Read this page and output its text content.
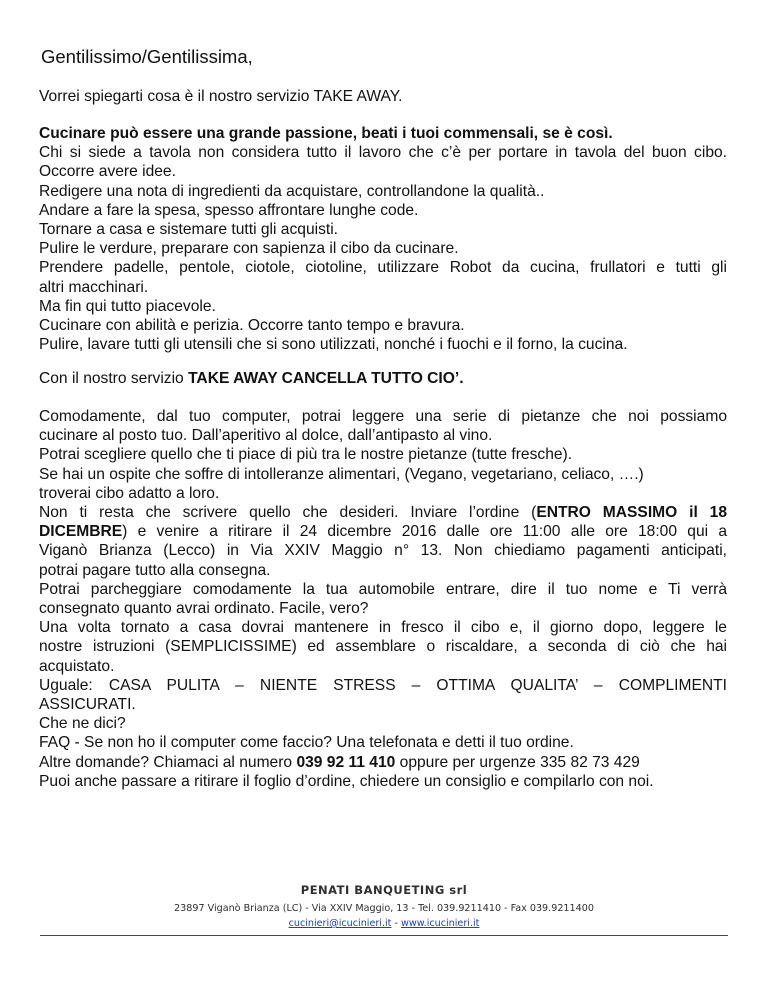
Gentilissimo/Gentilissima,
Vorrei spiegarti cosa è il nostro servizio TAKE AWAY.

Cucinare può essere una grande passione, beati i tuoi commensali, se è così.

Chi si siede a tavola non considera tutto il lavoro che c’è per portare in tavola del buon cibo.

Occorre avere idee.

Redigere una nota di ingredienti da acquistare, controllandone la qualità..

Andare a fare la spesa, spesso affrontare lunghe code.

Tornare a casa e sistemare tutti gli acquisti.

Pulire le verdure, preparare con sapienza il cibo da cucinare.

Prendere padelle, pentole, ciotole, ciotoline, utilizzare Robot da cucina, frullatori e tutti gli

altri macchinari.

Ma fin qui tutto piacevole.

Cucinare con abilità e perizia. Occorre tanto tempo e bravura.

Pulire, lavare tutti gli utensili che si sono utilizzati, nonché i fuochi e il forno, la cucina.

Con il nostro servizio TAKE AWAY CANCELLA TUTTO CIO’.

Comodamente, dal tuo computer, potrai leggere una serie di pietanze che noi possiamo

cucinare al posto tuo. Dall’aperitivo al dolce, dall’antipasto al vino.

Potrai scegliere quello che ti piace di più tra le nostre pietanze (tutte fresche).

Se hai un ospite che soffre di intolleranze alimentari, (Vegano, vegetariano, celiaco, ….)

troverai cibo adatto a loro.

Non ti resta che scrivere quello che desideri. Inviare l’ordine (ENTRO MASSIMO il 18

DICEMBRE) e venire a ritirare il 24 dicembre 2016 dalle ore 11:00 alle ore 18:00 qui a

Viganò Brianza (Lecco) in Via XXIV Maggio n° 13. Non chiediamo pagamenti anticipati,

potrai pagare tutto alla consegna.

Potrai parcheggiare comodamente la tua automobile entrare, dire il tuo nome e Ti verrà

consegnato quanto avrai ordinato. Facile, vero?

Una volta tornato a casa dovrai mantenere in fresco il cibo e, il giorno dopo, leggere le

nostre istruzioni (SEMPLICISSIME) ed assemblare o riscaldare, a seconda di ciò che hai

acquistato.

Uguale: CASA PULITA – NIENTE STRESS – OTTIMA QUALITA’ – COMPLIMENTI

ASSICURATI.

Che ne dici?

FAQ - Se non ho il computer come faccio? Una telefonata e detti il tuo ordine.

Altre domande? Chiamaci al numero 039 92 11 410 oppure per urgenze 335 82 73 429

Puoi anche passare a ritirare il foglio d’ordine, chiedere un consiglio e compilarlo con noi.

PENATI BANQUETING srl
23897 Viganò Brianza (LC) - Via XXIV Maggio, 13 - Tel. 039.9211410 - Fax 039.9211400
cucinieri@icucinieri.it - www.icucinieri.it
